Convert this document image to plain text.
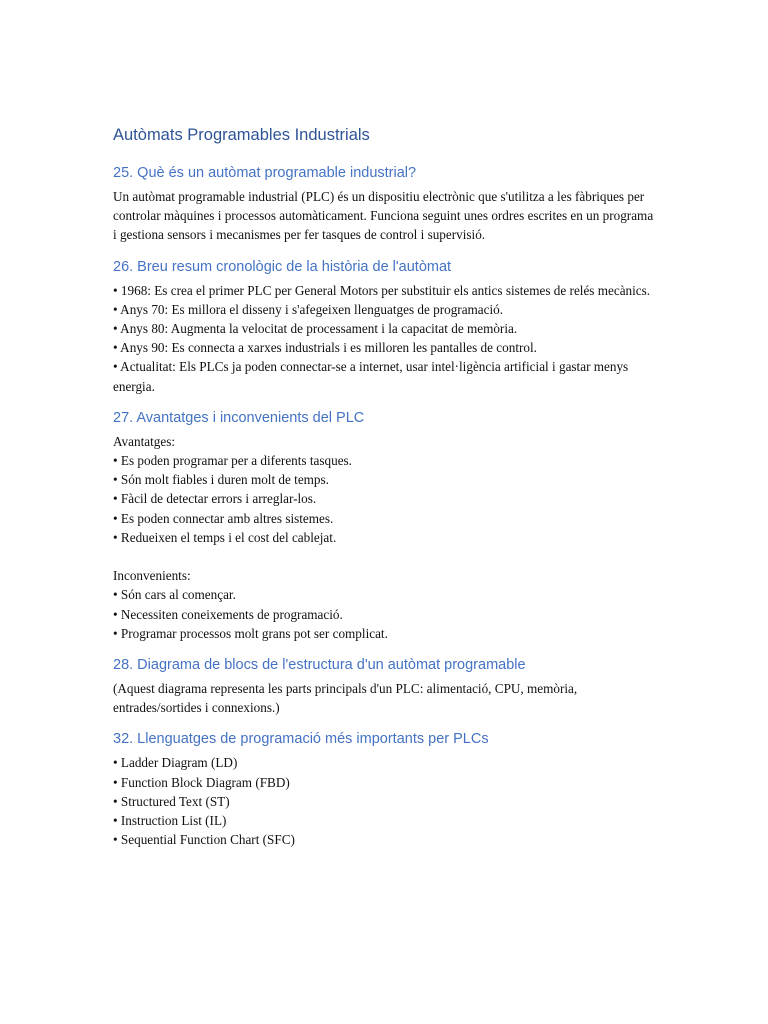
Autòmats Programables Industrials
25. Què és un autòmat programable industrial?

Un autòmat programable industrial (PLC) és un dispositiu electrònic que s'utilitza a les fàbriques per controlar màquines i processos automàticament. Funciona seguint unes ordres escrites en un programa i gestiona sensors i mecanismes per fer tasques de control i supervisió.

26. Breu resum cronològic de la història de l'autòmat

• 1968: Es crea el primer PLC per General Motors per substituir els antics sistemes de relés mecànics.

• Anys 70: Es millora el disseny i s'afegeixen llenguatges de programació.

• Anys 80: Augmenta la velocitat de processament i la capacitat de memòria.

• Anys 90: Es connecta a xarxes industrials i es milloren les pantalles de control.

• Actualitat: Els PLCs ja poden connectar-se a internet, usar intel·ligència artificial i gastar menys energia.

27. Avantatges i inconvenients del PLC

Avantatges:

• Es poden programar per a diferents tasques.

• Són molt fiables i duren molt de temps.

• Fàcil de detectar errors i arreglar-los.

• Es poden connectar amb altres sistemes.

• Redueixen el temps i el cost del cablejat.

Inconvenients:

• Són cars al començar.

• Necessiten coneixements de programació.

• Programar processos molt grans pot ser complicat.

28. Diagrama de blocs de l'estructura d'un autòmat programable

(Aquest diagrama representa les parts principals d'un PLC: alimentació, CPU, memòria, entrades/sortides i connexions.)

32. Llenguatges de programació més importants per PLCs

• Ladder Diagram (LD)

• Function Block Diagram (FBD)

• Structured Text (ST)

• Instruction List (IL)

• Sequential Function Chart (SFC)
